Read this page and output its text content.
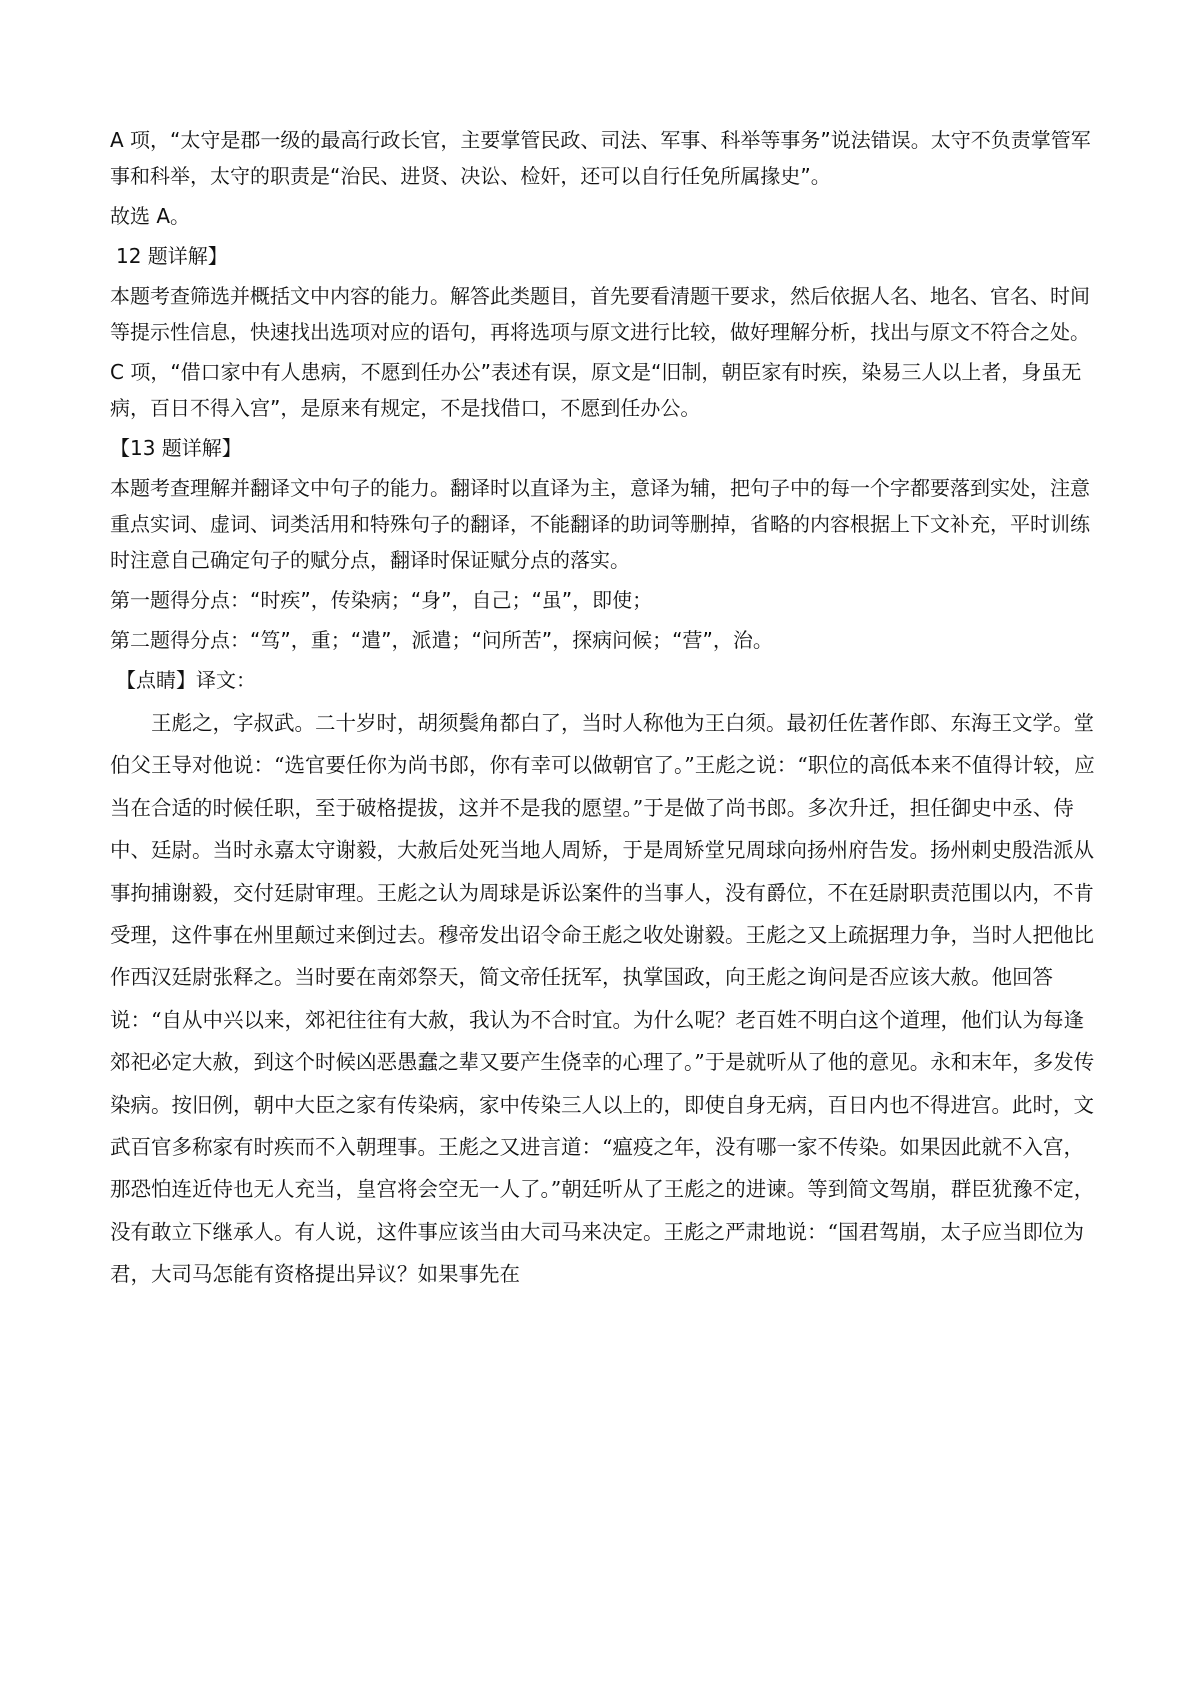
A 项，“太守是郡一级的最高行政长官，主要掌管民政、司法、军事、科举等事务”说法错误。太守不负责掌管军事和科举，太守的职责是“治民、进贤、决讼、检奸，还可以自行任免所属掾史”。

故选 A。

12 题详解】

本题考查筛选并概括文中内容的能力。解答此类题目，首先要看清题干要求，然后依据人名、地名、官名、时间等提示性信息，快速找出选项对应的语句，再将选项与原文进行比较，做好理解分析，找出与原文不符合之处。

C 项，“借口家中有人患病，不愿到任办公”表述有误，原文是“旧制，朝臣家有时疾，染易三人以上者，身虽无病，百日不得入宫”，是原来有规定，不是找借口，不愿到任办公。

【13 题详解】

本题考查理解并翻译文中句子的能力。翻译时以直译为主，意译为辅，把句子中的每一个字都要落到实处，注意重点实词、虚词、词类活用和特殊句子的翻译，不能翻译的助词等删掉，省略的内容根据上下文补充，平时训练时注意自己确定句子的赋分点，翻译时保证赋分点的落实。

第一题得分点：“时疾”，传染病；“身”，自己；“虽”，即使；

第二题得分点：“笃”，重；“遣”，派遣；“问所苦”，探病问候；“营”，治。

【点睛】译文：

王彪之，字叔武。二十岁时，胡须鬓角都白了，当时人称他为王白须。最初任佐著作郎、东海王文学。堂伯父王导对他说：“选官要任你为尚书郎，你有幸可以做朝官了。”王彪之说：“职位的高低本来不值得计较，应当在合适的时候任职，至于破格提拔，这并不是我的愿望。”于是做了尚书郎。多次升迁，担任御史中丞、侍中、廷尉。当时永嘉太守谢毅，大赦后处死当地人周矫，于是周矫堂兄周球向扬州府告发。扬州刺史殷浩派从事拘捕谢毅，交付廷尉审理。王彪之认为周球是诉讼案件的当事人，没有爵位，不在廷尉职责范围以内，不肯受理，这件事在州里颠过来倒过去。穆帝发出诏令命王彪之收处谢毅。王彪之又上疏据理力争，当时人把他比作西汉廷尉张释之。当时要在南郊祭天，简文帝任抚军，执掌国政，向王彪之询问是否应该大赦。他回答说：“自从中兴以来，郊祀往往有大赦，我认为不合时宜。为什么呢？老百姓不明白这个道理，他们认为每逢郊祀必定大赦，到这个时候凶恶愚蠢之辈又要产生侥幸的心理了。”于是就听从了他的意见。永和末年，多发传染病。按旧例，朝中大臣之家有传染病，家中传染三人以上的，即使自身无病，百日内也不得进宫。此时，文武百官多称家有时疾而不入朝理事。王彪之又进言道：“瘟疫之年，没有哪一家不传染。如果因此就不入宫，那恐怕连近侍也无人充当，皇宫将会空无一人了。”朝廷听从了王彪之的进谏。等到简文驾崩，群臣犹豫不定，没有敢立下继承人。有人说，这件事应该当由大司马来决定。王彪之严肃地说：“国君驾崩，太子应当即位为君，大司马怎能有资格提出异议？如果事先在
